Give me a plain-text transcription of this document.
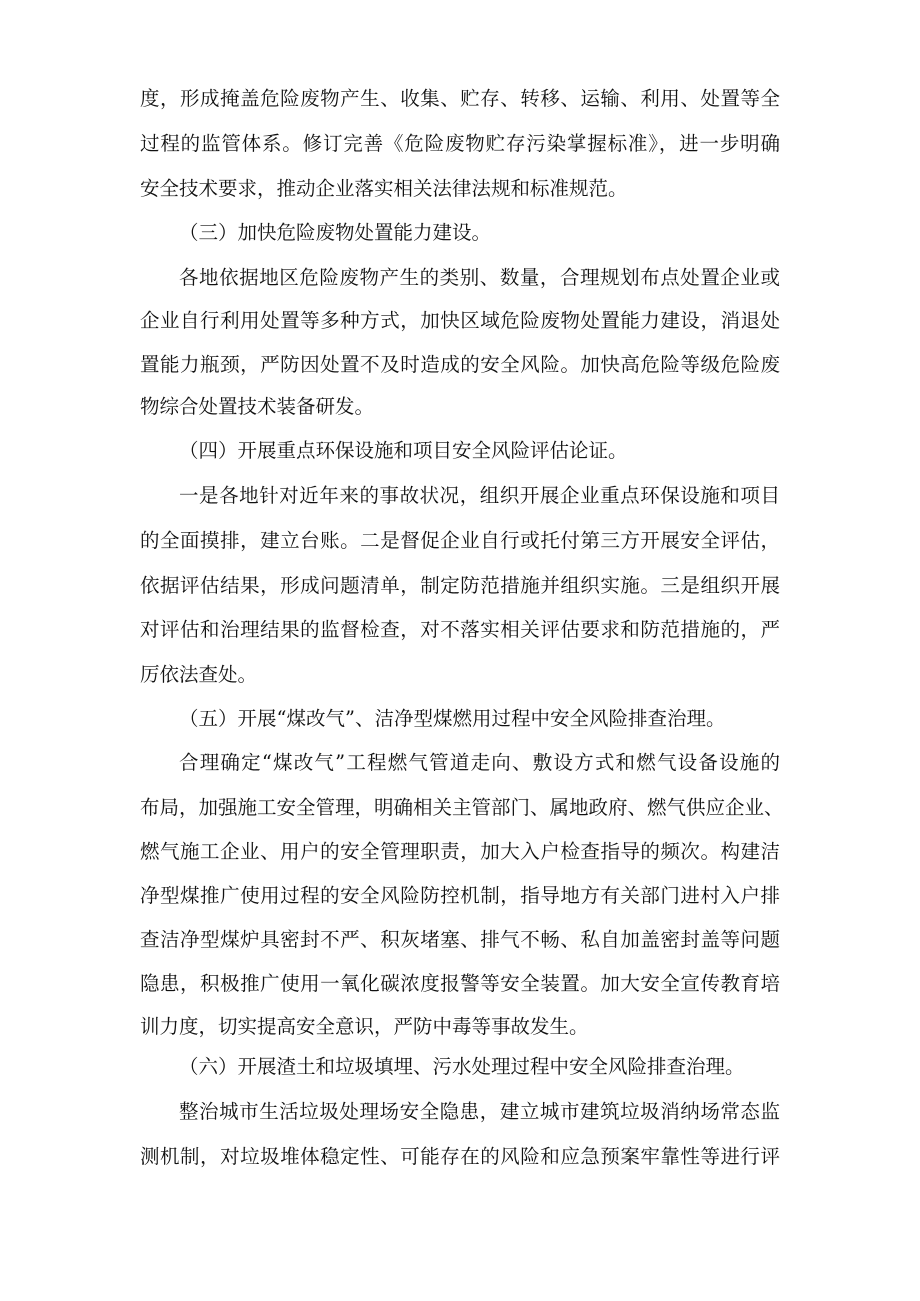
度，形成掩盖危险废物产生、收集、贮存、转移、运输、利用、处置等全
过程的监管体系。修订完善《危险废物贮存污染掌握标准》，进一步明确
安全技术要求，推动企业落实相关法律法规和标准规范。
（三）加快危险废物处置能力建设。
各地依据地区危险废物产生的类别、数量，合理规划布点处置企业或
企业自行利用处置等多种方式，加快区域危险废物处置能力建设，消退处
置能力瓶颈，严防因处置不及时造成的安全风险。加快高危险等级危险废
物综合处置技术装备研发。
（四）开展重点环保设施和项目安全风险评估论证。
一是各地针对近年来的事故状况，组织开展企业重点环保设施和项目
的全面摸排，建立台账。二是督促企业自行或托付第三方开展安全评估，
依据评估结果，形成问题清单，制定防范措施并组织实施。三是组织开展
对评估和治理结果的监督检查，对不落实相关评估要求和防范措施的，严
厉依法查处。
（五）开展“煤改气”、洁净型煤燃用过程中安全风险排查治理。
合理确定“煤改气”工程燃气管道走向、敷设方式和燃气设备设施的
布局，加强施工安全管理，明确相关主管部门、属地政府、燃气供应企业、
燃气施工企业、用户的安全管理职责，加大入户检查指导的频次。构建洁
净型煤推广使用过程的安全风险防控机制，指导地方有关部门进村入户排
查洁净型煤炉具密封不严、积灰堵塞、排气不畅、私自加盖密封盖等问题
隐患，积极推广使用一氧化碳浓度报警等安全装置。加大安全宣传教育培
训力度，切实提高安全意识，严防中毒等事故发生。
（六）开展渣土和垃圾填埋、污水处理过程中安全风险排查治理。
整治城市生活垃圾处理场安全隐患，建立城市建筑垃圾消纳场常态监
测机制，对垃圾堆体稳定性、可能存在的风险和应急预案牢靠性等进行评
